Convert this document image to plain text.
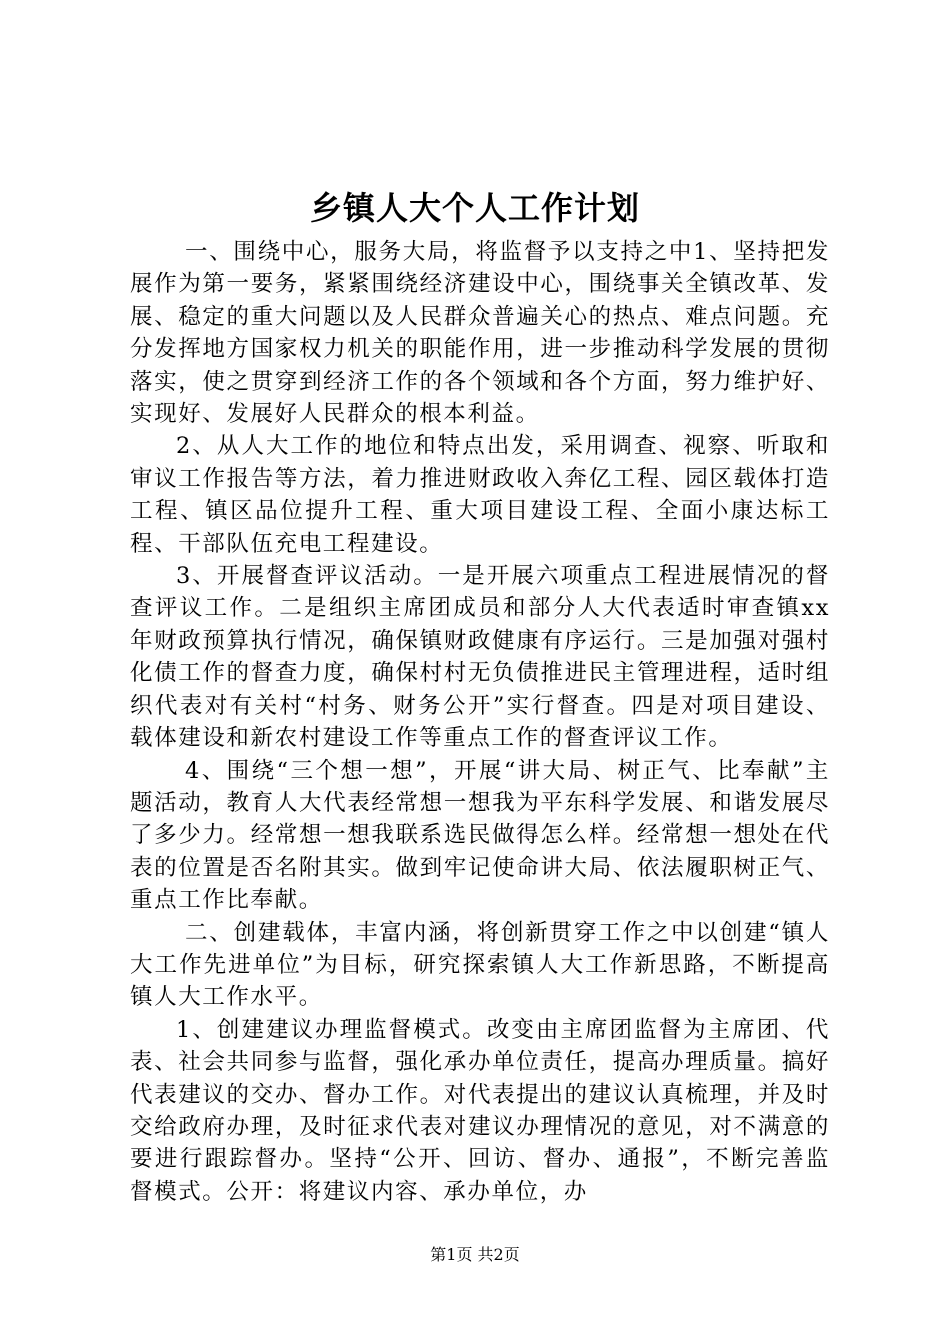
乡镇人大个人工作计划

一、围绕中心，服务大局，将监督予以支持之中1、坚持把发展作为第一要务，紧紧围绕经济建设中心，围绕事关全镇改革、发展、稳定的重大问题以及人民群众普遍关心的热点、难点问题。充分发挥地方国家权力机关的职能作用，进一步推动科学发展的贯彻落实，使之贯穿到经济工作的各个领域和各个方面，努力维护好、实现好、发展好人民群众的根本利益。

2、从人大工作的地位和特点出发，采用调查、视察、听取和审议工作报告等方法，着力推进财政收入奔亿工程、园区载体打造工程、镇区品位提升工程、重大项目建设工程、全面小康达标工程、干部队伍充电工程建设。

3、开展督查评议活动。一是开展六项重点工程进展情况的督查评议工作。二是组织主席团成员和部分人大代表适时审查镇xx年财政预算执行情况，确保镇财政健康有序运行。三是加强对强村化债工作的督查力度，确保村村无负债推进民主管理进程，适时组织代表对有关村“村务、财务公开”实行督查。四是对项目建设、载体建设和新农村建设工作等重点工作的督查评议工作。

4、围绕“三个想一想”，开展“讲大局、树正气、比奉献”主题活动，教育人大代表经常想一想我为平东科学发展、和谐发展尽了多少力。经常想一想我联系选民做得怎么样。经常想一想处在代表的位置是否名附其实。做到牢记使命讲大局、依法履职树正气、重点工作比奉献。

二、创建载体，丰富内涵，将创新贯穿工作之中以创建“镇人大工作先进单位”为目标，研究探索镇人大工作新思路，不断提高镇人大工作水平。

1、创建建议办理监督模式。改变由主席团监督为主席团、代表、社会共同参与监督，强化承办单位责任，提高办理质量。搞好代表建议的交办、督办工作。对代表提出的建议认真梳理，并及时交给政府办理，及时征求代表对建议办理情况的意见，对不满意的要进行跟踪督办。坚持“公开、回访、督办、通报”，不断完善监督模式。公开：将建议内容、承办单位，办

第1页 共2页
